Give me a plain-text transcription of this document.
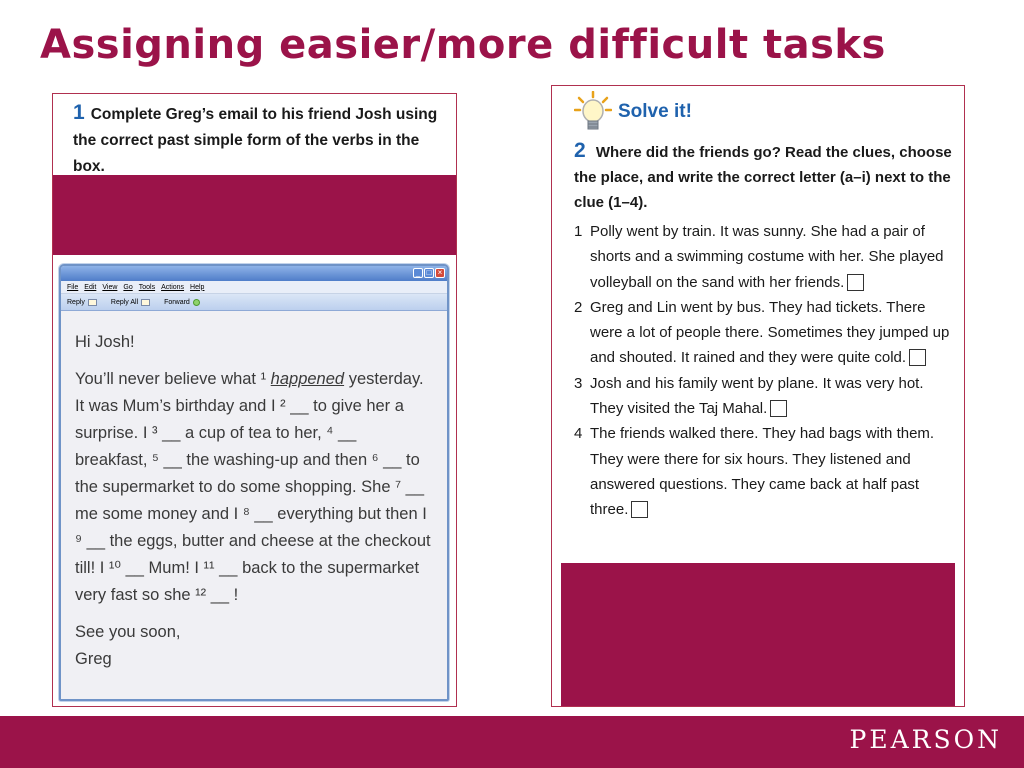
Assigning easier/more difficult tasks
1 Complete Greg’s email to his friend Josh using the correct past simple form of the verbs in the box.
_ □ ×
File Edit View Go Tools Actions Help
Reply	Reply All	Forward

Hi Josh!

You’ll never believe what ¹ happened yesterday. It was Mum’s birthday and I ² __ to give her a surprise. I ³ __ a cup of tea to her, ⁴ __ breakfast, ⁵ __ the washing-up and then ⁶ __ to the supermarket to do some shopping. She ⁷ __ me some money and I ⁸ __ everything but then I ⁹ __ the eggs, butter and cheese at the checkout till! I ¹⁰ __ Mum! I ¹¹ __ back to the supermarket very fast so she ¹² __ !

See you soon,

Greg

Solve it!
2 Where did the friends go? Read the clues, choose the place, and write the correct letter (a–i) next to the clue (1–4).
1 Polly went by train. It was sunny. She had a pair of shorts and a swimming costume with her. She played volleyball on the sand with her friends.
2 Greg and Lin went by bus. They had tickets. There were a lot of people there. Sometimes they jumped up and shouted. It rained and they were quite cold.
3 Josh and his family went by plane. It was very hot. They visited the Taj Mahal.
4 The friends walked there. They had bags with them. They were there for six hours. They listened and answered questions. They came back at half past three.
PEARSON
